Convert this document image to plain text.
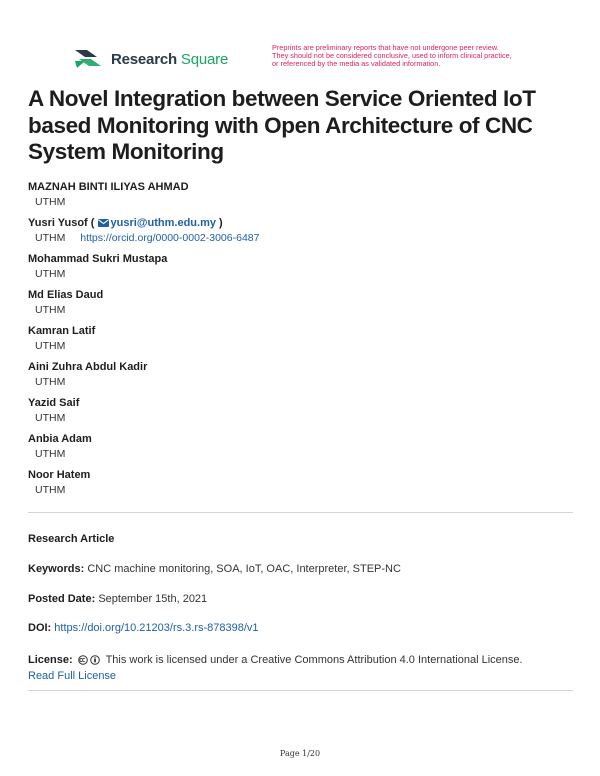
Research Square
Preprints are preliminary reports that have not undergone peer review.
They should not be considered conclusive, used to inform clinical practice,
or referenced by the media as validated information.
A Novel Integration between Service Oriented IoT based Monitoring with Open Architecture of CNC System Monitoring
MAZNAH BINTI ILIYAS AHMAD
UTHM
Yusri Yusof ( yusri@uthm.edu.my )
UTHM https://orcid.org/0000-0002-3006-6487
Mohammad Sukri Mustapa
UTHM
Md Elias Daud
UTHM
Kamran Latif
UTHM
Aini Zuhra Abdul Kadir
UTHM
Yazid Saif
UTHM
Anbia Adam
UTHM
Noor Hatem
UTHM
Research Article
Keywords: CNC machine monitoring, SOA, IoT, OAC, Interpreter, STEP-NC
Posted Date: September 15th, 2021
DOI: https://doi.org/10.21203/rs.3.rs-878398/v1
License:	This work is licensed under a Creative Commons Attribution 4.0 International License.
Read Full License
Page 1/20
